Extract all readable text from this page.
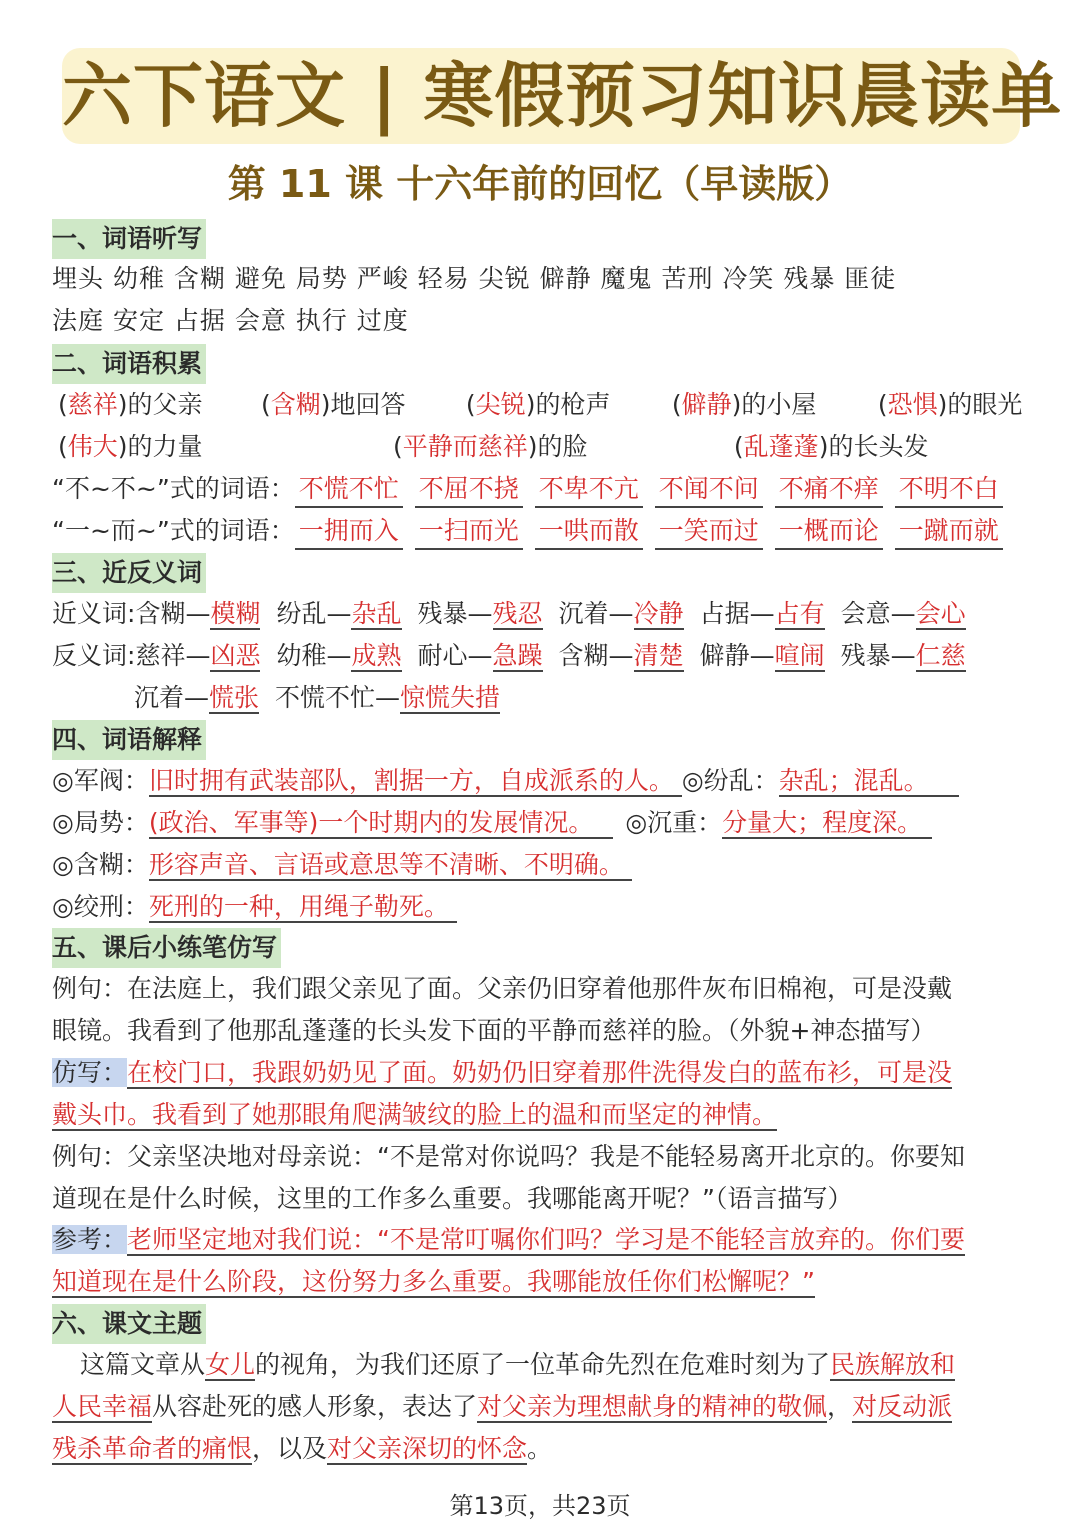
六下语文 | 寒假预习知识晨读单
第 11 课 十六年前的回忆（早读版）
一、词语听写
埋头 幼稚 含糊 避免 局势 严峻 轻易 尖锐 僻静 魔鬼 苦刑 冷笑 残暴 匪徒
法庭 安定 占据 会意 执行 过度
二、词语积累
(慈祥)的父亲 (含糊)地回答 (尖锐)的枪声 (僻静)的小屋 (恐惧)的眼光
(伟大)的力量	(平静而慈祥)的脸	(乱蓬蓬)的长头发
“不~不~”式的词语： 不慌不忙 不屈不挠 不卑不亢 不闻不问 不痛不痒 不明不白
“一~而~”式的词语： 一拥而入 一扫而光 一哄而散 一笑而过 一概而论 一蹴而就
三、近反义词
近义词:含糊—模糊 纷乱—杂乱 残暴—残忍 沉着—冷静 占据—占有 会意—会心
反义词:慈祥—凶恶 幼稚—成熟 耐心—急躁 含糊—清楚 僻静—喧闹 残暴—仁慈
沉着—慌张 不慌不忙—惊慌失措
四、词语解释
◎军阀：旧时拥有武装部队，割据一方，自成派系的人。 ◎纷乱：杂乱；混乱。
◎局势：(政治、军事等)一个时期内的发展情况。 ◎沉重：分量大；程度深。
◎含糊：形容声音、言语或意思等不清晰、不明确。
◎绞刑：死刑的一种，用绳子勒死。
五、课后小练笔仿写
例句：在法庭上，我们跟父亲见了面。父亲仍旧穿着他那件灰布旧棉袍，可是没戴
眼镜。我看到了他那乱蓬蓬的长头发下面的平静而慈祥的脸。（外貌+神态描写）
仿写：在校门口，我跟奶奶见了面。奶奶仍旧穿着那件洗得发白的蓝布衫，可是没
戴头巾。我看到了她那眼角爬满皱纹的脸上的温和而坚定的神情。
例句：父亲坚决地对母亲说：“不是常对你说吗？我是不能轻易离开北京的。你要知
道现在是什么时候，这里的工作多么重要。我哪能离开呢？”（语言描写）
参考：老师坚定地对我们说：“不是常叮嘱你们吗？学习是不能轻言放弃的。你们要
知道现在是什么阶段，这份努力多么重要。我哪能放任你们松懈呢？”
六、课文主题
这篇文章从女儿的视角，为我们还原了一位革命先烈在危难时刻为了民族解放和
人民幸福从容赴死的感人形象，表达了对父亲为理想献身的精神的敬佩，对反动派
残杀革命者的痛恨，以及对父亲深切的怀念。
第13页，共23页
